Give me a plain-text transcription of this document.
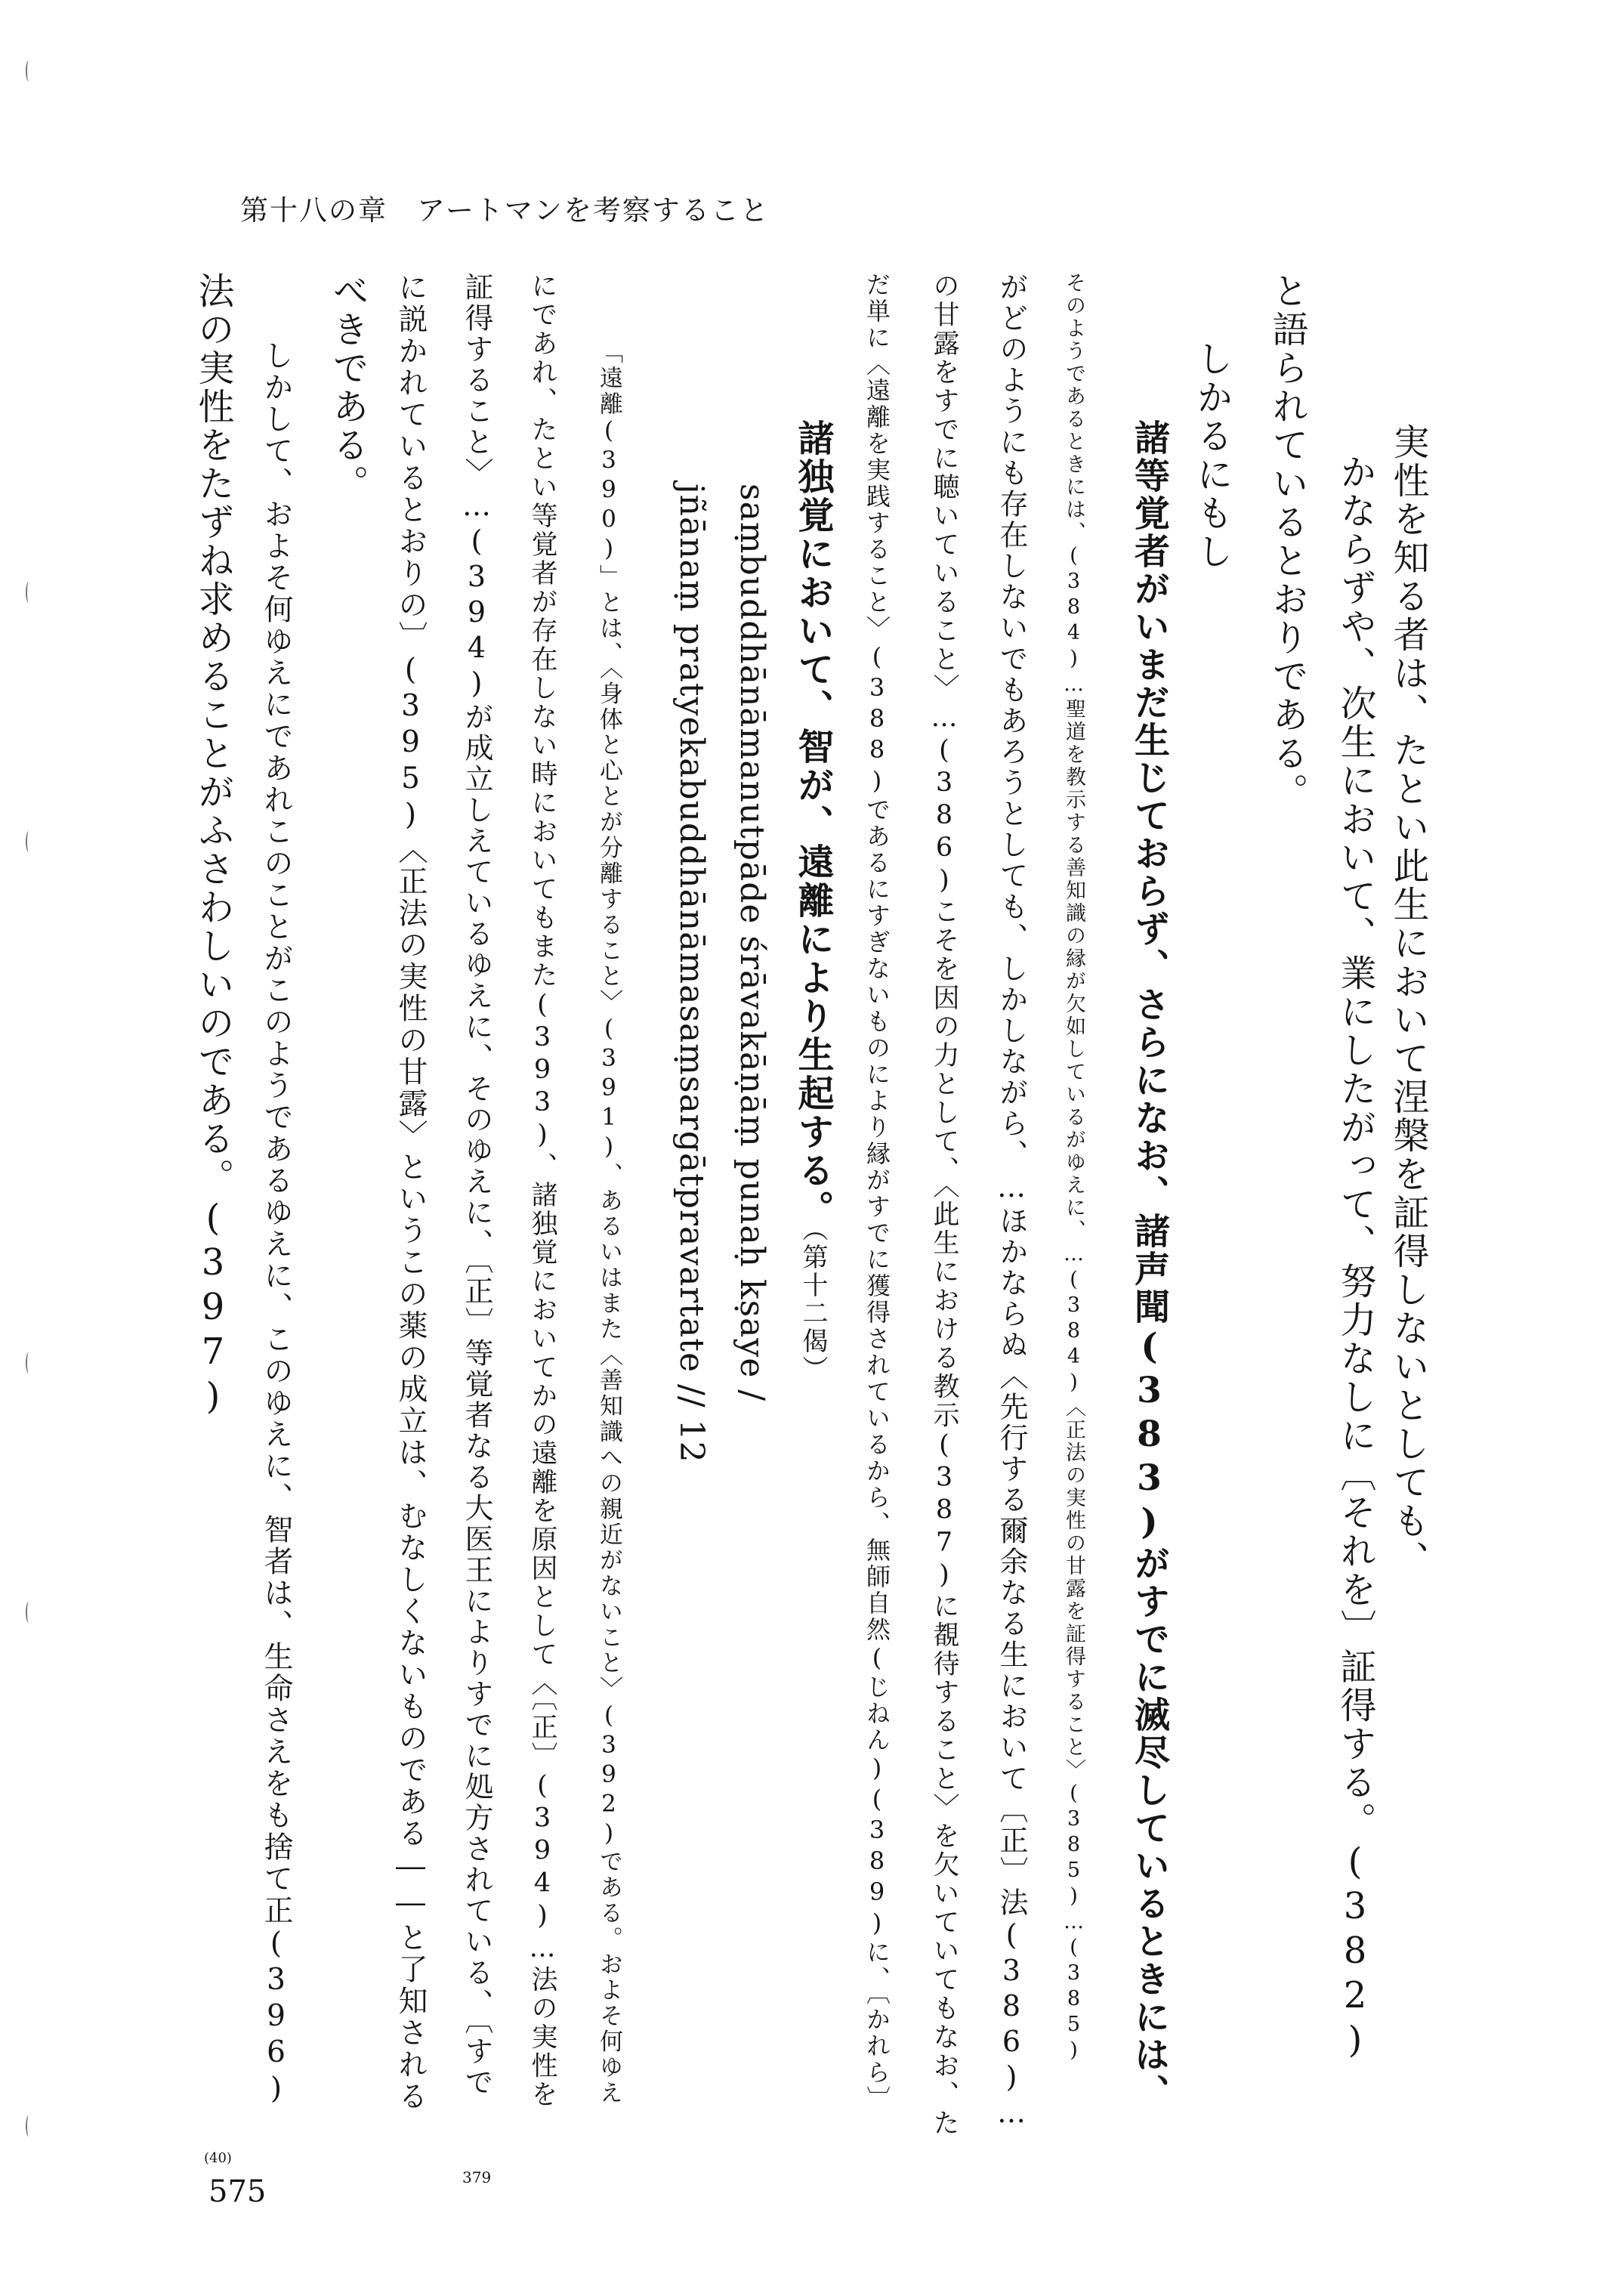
第十八の章　アートマンを考察すること
実性を知る者は、たとい此生において涅槃を証得しないとしても、
かならずや、次生において、業にしたがって、努力なしに〔それを〕証得する。(382)
と語られているとおりである。
しかるにもし
諸等覚者がいまだ生じておらず、さらになお、諸声聞(383)がすでに滅尽しているときには、
そのようであるときには、(384)…聖道を教示する善知識の縁が欠如しているがゆえに、…(384)〈正法の実性の甘露を証得すること〉(385)…(385)
がどのようにも存在しないでもあろうとしても、しかしながら、…ほかならぬ〈先行する爾余なる生において〔正〕法(386)…
の甘露をすでに聴いていること〉…(386)こそを因の力として、〈此生における教示(387)に覩待すること〉を欠いていてもなお、た
だ単に〈遠離を実践すること〉(388)であるにすぎないものにより縁がすでに獲得されているから、無師自然(じねん)(389)に、〔かれら〕
諸独覚において、智が、遠離により生起する。（第十二偈）
saṃbuddhānāmanutpāde śrāvakāṇāṃ punaḥ kṣaye /
jñānaṃ pratyekabuddhānāmasaṃsargātpravartate // 12
「遠離(390)」とは、〈身体と心とが分離すること〉(391)、あるいはまた〈善知識への親近がないこと〉(392)である。およそ何ゆえ
にであれ、たとい等覚者が存在しない時においてもまた(393)、諸独覚においてかの遠離を原因として〈〔正〕(394)…法の実性を
証得すること〉…(394)が成立しえているゆえに、そのゆえに、〔正〕等覚者なる大医王によりすでに処方されている、〔すで
に説かれているとおりの〕(395)〈正法の実性の甘露〉というこの薬の成立は、むなしくないものである――と了知される
べきである。
しかして、およそ何ゆえにであれこのことがこのようであるゆえに、このゆえに、智者は、生命さえをも捨て正(396)
法の実性をたずね求めることがふさわしいのである。(397)
(40)
575	379
